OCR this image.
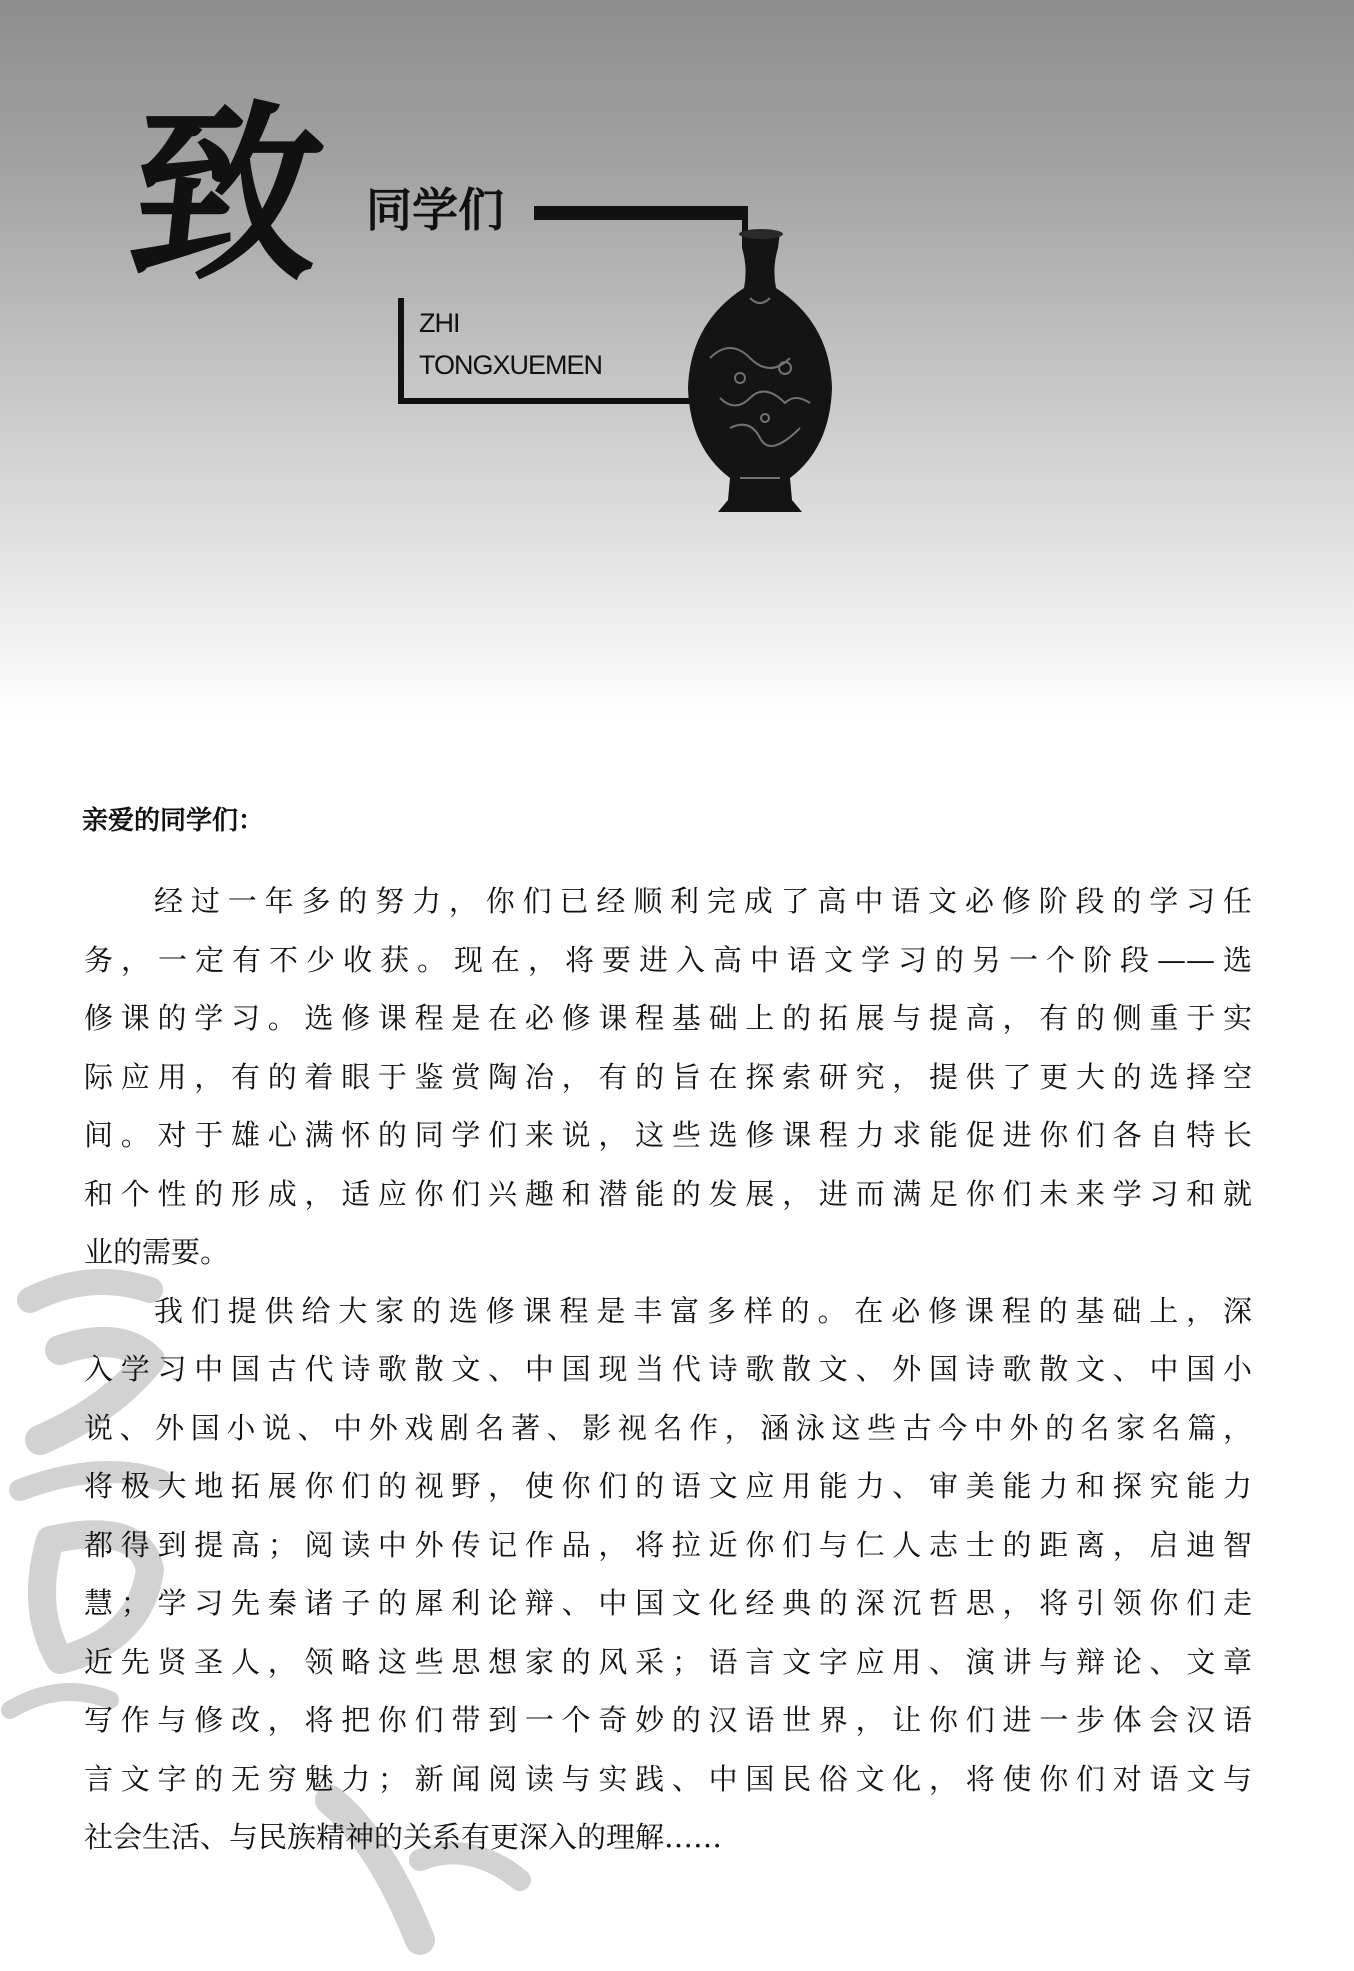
致 同学们
ZHI
TONGXUEMEN
亲爱的同学们：
经过一年多的努力，你们已经顺利完成了高中语文必修阶段的学习任
务，一定有不少收获。现在，将要进入高中语文学习的另一个阶段——选
修课的学习。选修课程是在必修课程基础上的拓展与提高，有的侧重于实
际应用，有的着眼于鉴赏陶冶，有的旨在探索研究，提供了更大的选择空
间。对于雄心满怀的同学们来说，这些选修课程力求能促进你们各自特长
和个性的形成，适应你们兴趣和潜能的发展，进而满足你们未来学习和就
业的需要。
我们提供给大家的选修课程是丰富多样的。在必修课程的基础上，深
入学习中国古代诗歌散文、中国现当代诗歌散文、外国诗歌散文、中国小
说、外国小说、中外戏剧名著、影视名作，涵泳这些古今中外的名家名篇，
将极大地拓展你们的视野，使你们的语文应用能力、审美能力和探究能力
都得到提高；阅读中外传记作品，将拉近你们与仁人志士的距离，启迪智
慧；学习先秦诸子的犀利论辩、中国文化经典的深沉哲思，将引领你们走
近先贤圣人，领略这些思想家的风采；语言文字应用、演讲与辩论、文章
写作与修改，将把你们带到一个奇妙的汉语世界，让你们进一步体会汉语
言文字的无穷魅力；新闻阅读与实践、中国民俗文化，将使你们对语文与
社会生活、与民族精神的关系有更深入的理解……
